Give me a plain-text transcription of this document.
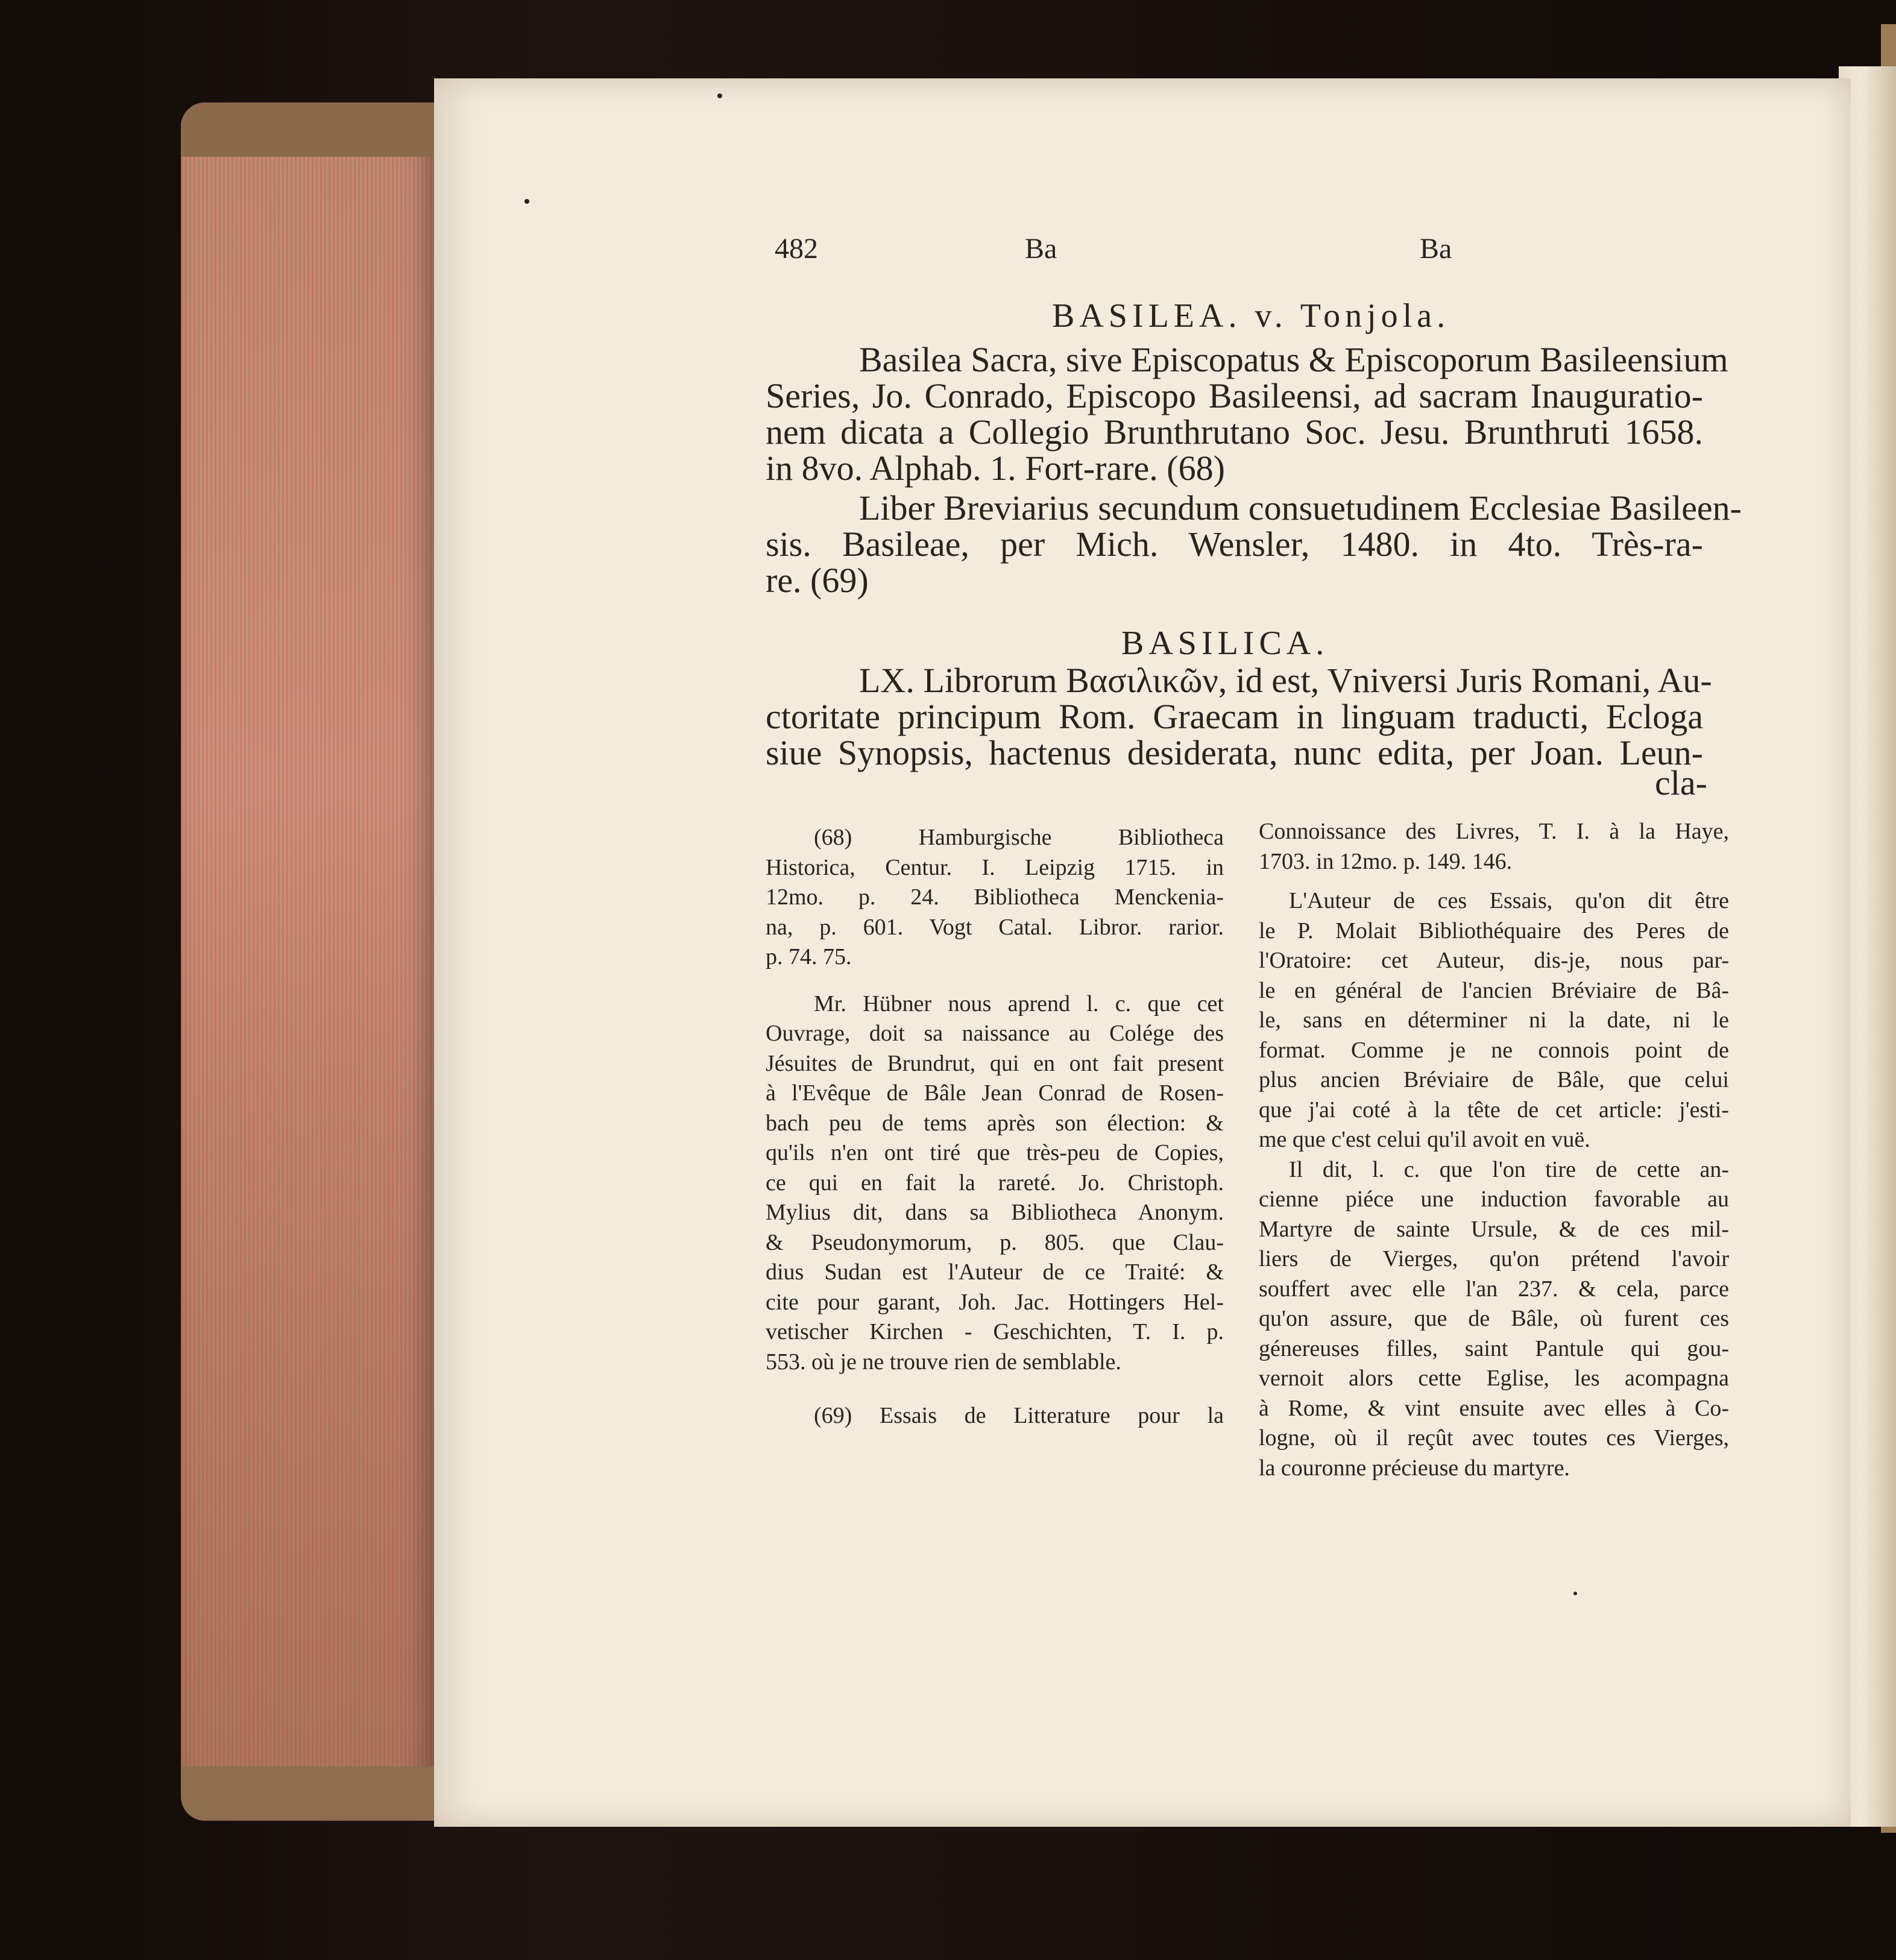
482	Ba	Ba
BASILEA. v. Tonjola.
Basilea Sacra, sive Episcopatus & Episcoporum Basileensium
Series, Jo. Conrado, Episcopo Basileensi, ad sacram Inauguratio-
nem dicata a Collegio Brunthrutano Soc. Jesu. Brunthruti 1658.
in 8vo. Alphab. 1. Fort-rare. (68)
Liber Breviarius secundum consuetudinem Ecclesiae Basileen-
sis. Basileae, per Mich. Wensler, 1480. in 4to. Très-ra-
re. (69)
BASILICA.
LX. Librorum Βασιλικῶν, id est, Vniversi Juris Romani, Au-
ctoritate principum Rom. Graecam in linguam traducti, Ecloga
siue Synopsis, hactenus desiderata, nunc edita, per Joan. Leun-
cla-

(68) Hamburgische Bibliotheca

Historica, Centur. I. Leipzig 1715. in

12mo. p. 24. Bibliotheca Menckenia-

na, p. 601. Vogt Catal. Libror. rarior.

p. 74. 75.

Mr. Hübner nous aprend l. c. que cet

Ouvrage, doit sa naissance au Colége des

Jésuites de Brundrut, qui en ont fait present

à l'Evêque de Bâle Jean Conrad de Rosen-

bach peu de tems après son élection: &

qu'ils n'en ont tiré que très-peu de Copies,

ce qui en fait la rareté. Jo. Christoph.

Mylius dit, dans sa Bibliotheca Anonym.

& Pseudonymorum, p. 805. que Clau-

dius Sudan est l'Auteur de ce Traité: &

cite pour garant, Joh. Jac. Hottingers Hel-

vetischer Kirchen - Geschichten, T. I. p.

553. où je ne trouve rien de semblable.

(69) Essais de Litterature pour la

Connoissance des Livres, T. I. à la Haye,

1703. in 12mo. p. 149. 146.

L'Auteur de ces Essais, qu'on dit être

le P. Molait Bibliothéquaire des Peres de

l'Oratoire: cet Auteur, dis-je, nous par-

le en général de l'ancien Bréviaire de Bâ-

le, sans en déterminer ni la date, ni le

format. Comme je ne connois point de

plus ancien Bréviaire de Bâle, que celui

que j'ai coté à la tête de cet article: j'esti-

me que c'est celui qu'il avoit en vuë.

Il dit, l. c. que l'on tire de cette an-

cienne piéce une induction favorable au

Martyre de sainte Ursule, & de ces mil-

liers de Vierges, qu'on prétend l'avoir

souffert avec elle l'an 237. & cela, parce

qu'on assure, que de Bâle, où furent ces

génereuses filles, saint Pantule qui gou-

vernoit alors cette Eglise, les acompagna

à Rome, & vint ensuite avec elles à Co-

logne, où il reçût avec toutes ces Vierges,

la couronne précieuse du martyre.
